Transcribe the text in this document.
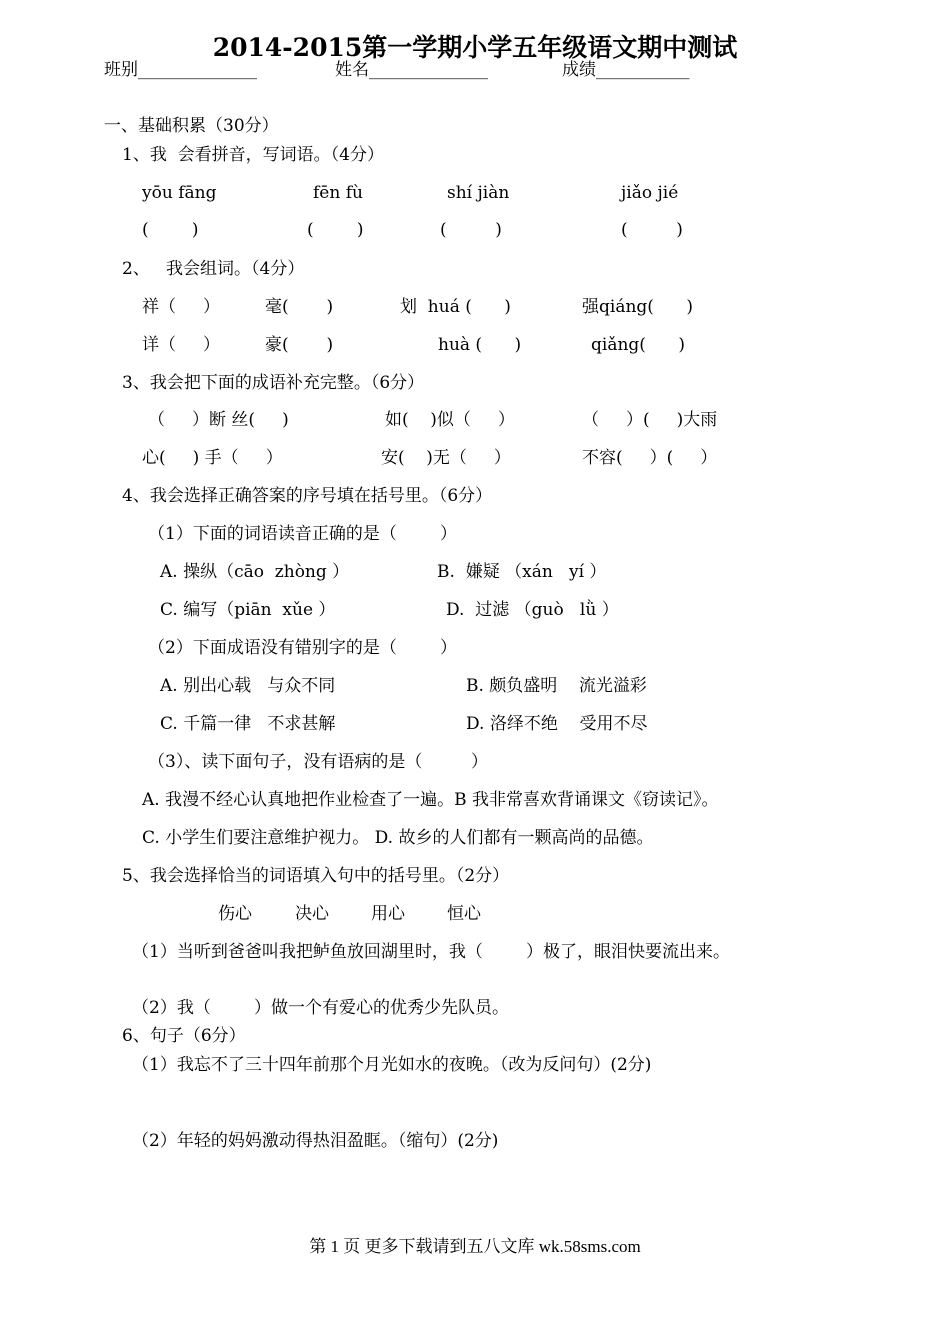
2014-2015第一学期小学五年级语文期中测试
班别______________	姓名______________	成绩___________
一、基础积累（30分）
1、我  会看拼音，写词语。（4分）
yōu fāng	fēn fù	shí jiàn	jiǎo jié
(        )	(        )	(         )	(         )
2、   我会组词。（4分）
祥（     ）	毫(       )	划  huá (      )	强qiáng(      )
详（     ）	豪(       )	huà (      )	qiǎng(      )
3、我会把下面的成语补充完整。（6分）
（     ）断 丝(     )	如(    )似（     ）	（     ）(     )大雨
心(     ) 手（     ）	安(    )无（     ）	不容(     ）(     ）
4、我会选择正确答案的序号填在括号里。（6分）
（1）下面的词语读音正确的是（        ）
A. 操纵（cāo  zhòng ）	B.  嫌疑 （xán   yí ）
C. 编写（piān  xǔe ）	D.  过滤 （guò   lǜ ）
（2）下面成语没有错别字的是（        ）
A. 别出心载   与众不同	B. 颇负盛明    流光溢彩
C. 千篇一律   不求甚解	D. 洛绎不绝    受用不尽
（3）、读下面句子，没有语病的是（         ）
A. 我漫不经心认真地把作业检查了一遍。B 我非常喜欢背诵课文《窃读记》。
C. 小学生们要注意维护视力。 D. 故乡的人们都有一颗高尚的品德。
5、我会选择恰当的词语填入句中的括号里。（2分）
伤心	决心 用心 恒心
（1）当听到爸爸叫我把鲈鱼放回湖里时，我（        ）极了，眼泪快要流出来。
（2）我（        ）做一个有爱心的优秀少先队员。
6、句子（6分）
（1）我忘不了三十四年前那个月光如水的夜晚。（改为反问句）(2分)
（2）年轻的妈妈激动得热泪盈眶。（缩句）(2分)
第 1 页 更多下载请到五八文库 wk.58sms.com
